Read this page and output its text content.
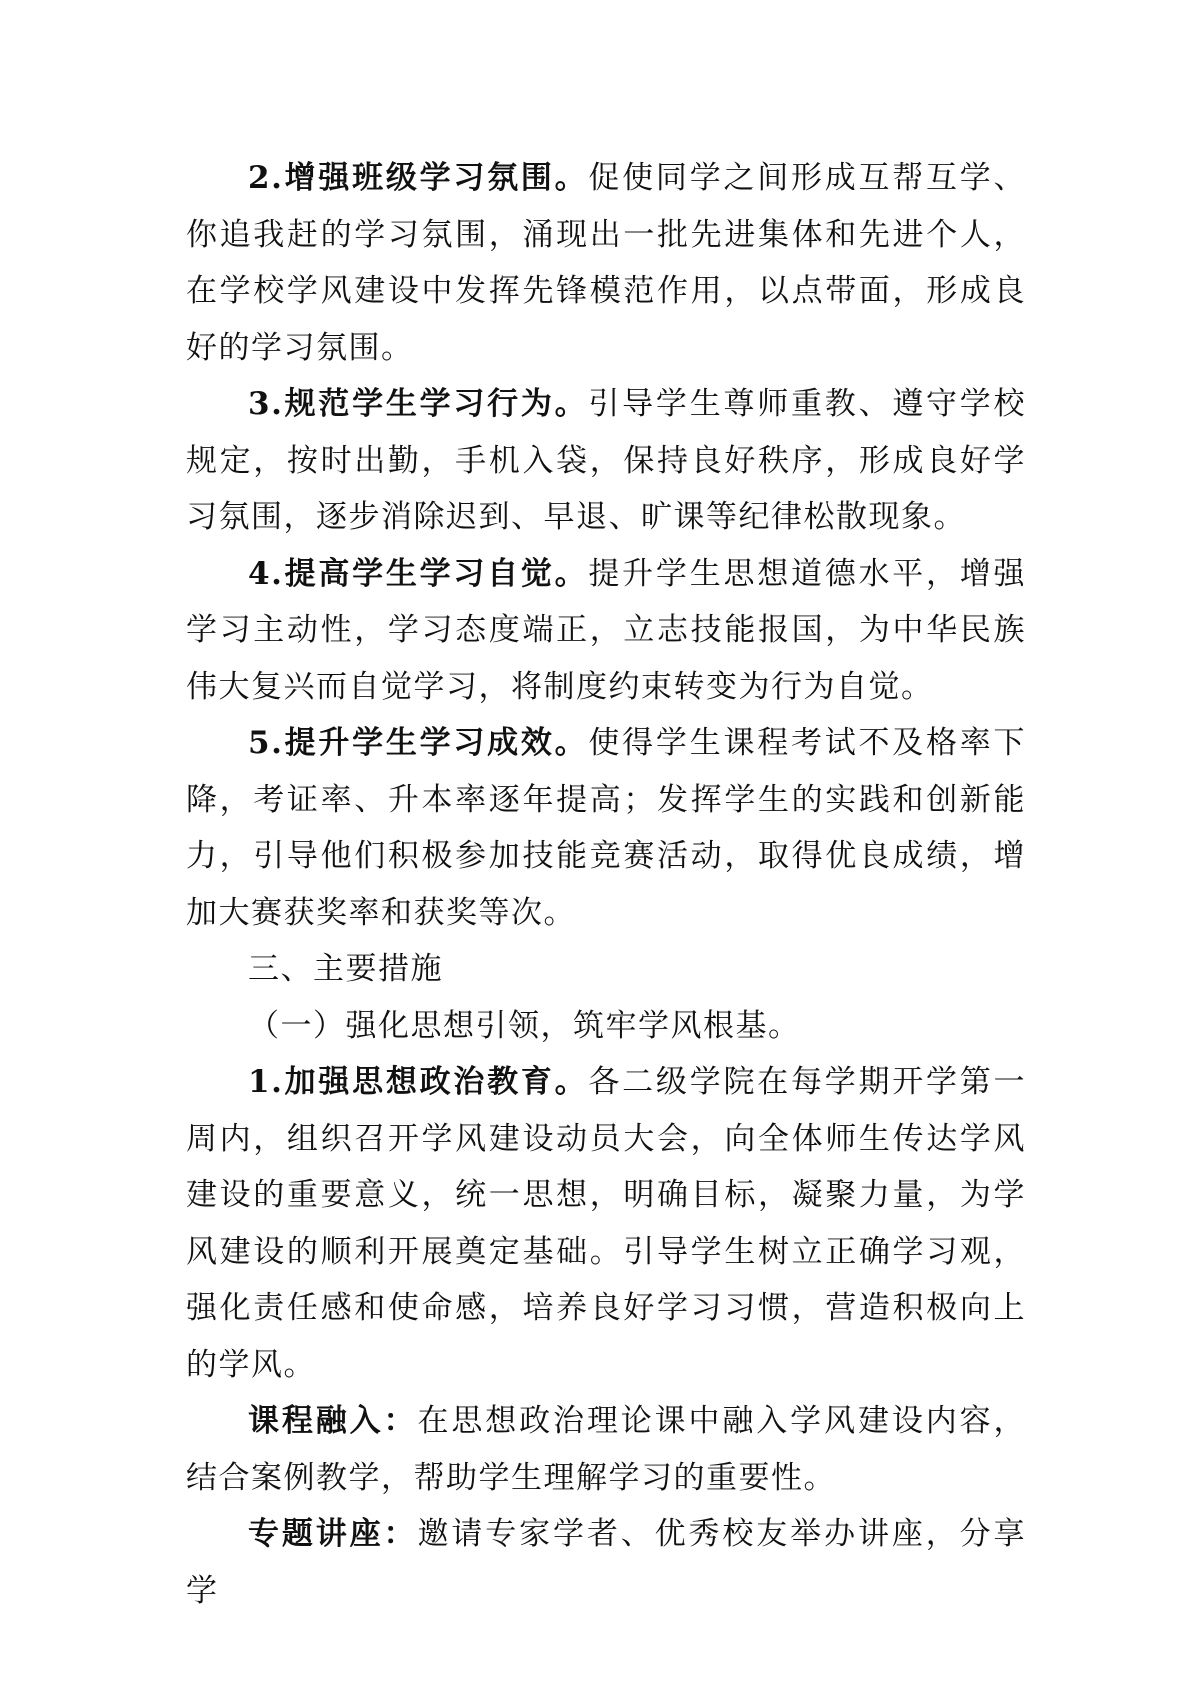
2.增强班级学习氛围。促使同学之间形成互帮互学、你追我赶的学习氛围，涌现出一批先进集体和先进个人，在学校学风建设中发挥先锋模范作用，以点带面，形成良好的学习氛围。

3.规范学生学习行为。引导学生尊师重教、遵守学校规定，按时出勤，手机入袋，保持良好秩序，形成良好学习氛围，逐步消除迟到、早退、旷课等纪律松散现象。

4.提高学生学习自觉。提升学生思想道德水平，增强学习主动性，学习态度端正，立志技能报国，为中华民族伟大复兴而自觉学习，将制度约束转变为行为自觉。

5.提升学生学习成效。使得学生课程考试不及格率下降，考证率、升本率逐年提高；发挥学生的实践和创新能力，引导他们积极参加技能竞赛活动，取得优良成绩，增加大赛获奖率和获奖等次。

三、主要措施

（一）强化思想引领，筑牢学风根基。

1.加强思想政治教育。各二级学院在每学期开学第一周内，组织召开学风建设动员大会，向全体师生传达学风建设的重要意义，统一思想，明确目标，凝聚力量，为学风建设的顺利开展奠定基础。引导学生树立正确学习观，强化责任感和使命感，培养良好学习习惯，营造积极向上的学风。

课程融入：在思想政治理论课中融入学风建设内容，结合案例教学，帮助学生理解学习的重要性。

专题讲座：邀请专家学者、优秀校友举办讲座，分享学
